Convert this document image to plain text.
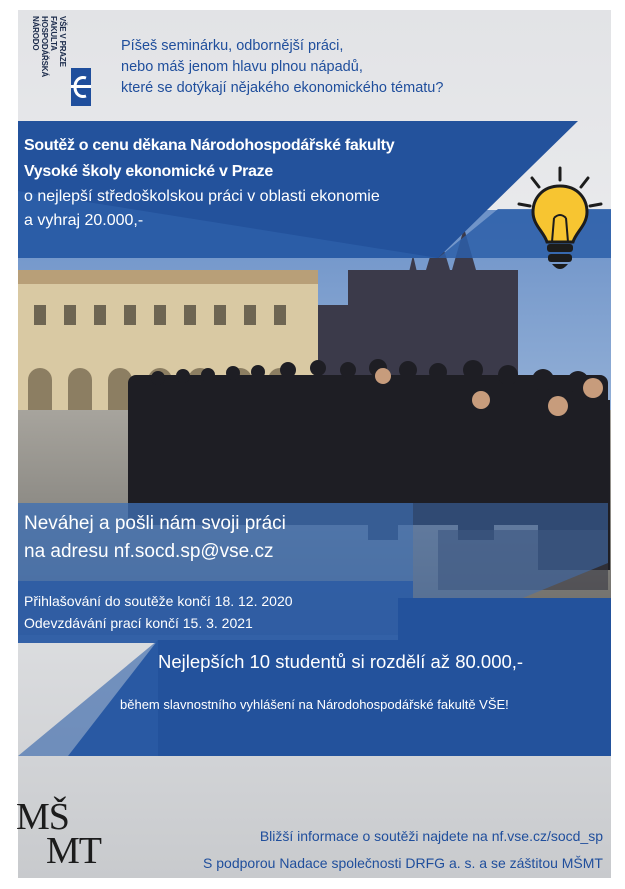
NÁRODO HOSPODÁŘSKÁ FAKULTA VŠE V PRAZE	Píšeš seminárku, odbornější práci,
nebo máš jenom hlavu plnou nápadů,
které se dotýkají nějakého ekonomického tématu?
Soutěž o cenu děkana Národohospodářské fakulty
Vysoké školy ekonomické v Praze
o nejlepší středoškolskou práci v oblasti ekonomie
a vyhraj 20.000,-
Neváhej a pošli nám svoji práci
na adresu nf.socd.sp@vse.cz
Přihlašování do soutěže končí 18. 12. 2020
Odevzdávání prací končí 15. 3. 2021
Nejlepších 10 studentů si rozdělí až 80.000,-
během slavnostního vyhlášení na Národohospodářské fakultě VŠE!
MŠ
MT	Bližší informace o soutěži najdete na nf.vse.cz/socd_sp
S podporou Nadace společnosti DRFG a. s. a se záštitou MŠMT
